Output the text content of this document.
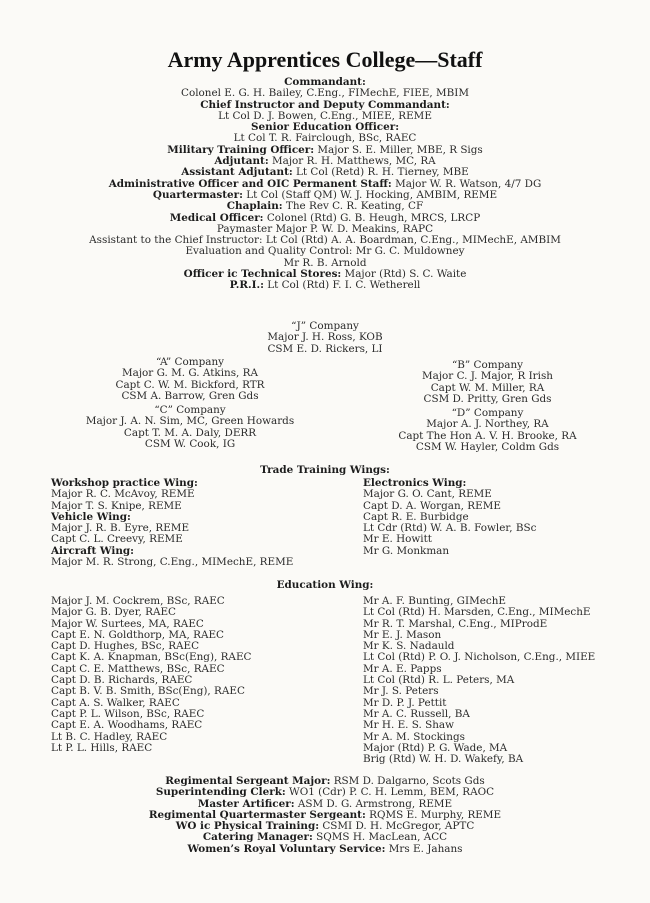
Army Apprentices College—Staff
Commandant:
Colonel E. G. H. Bailey, C.Eng., FIMechE, FIEE, MBIM
Chief Instructor and Deputy Commandant:
Lt Col D. J. Bowen, C.Eng., MIEE, REME
Senior Education Officer:
Lt Col T. R. Fairclough, BSc, RAEC
Military Training Officer: Major S. E. Miller, MBE, R Sigs
Adjutant: Major R. H. Matthews, MC, RA
Assistant Adjutant: Lt Col (Retd) R. H. Tierney, MBE
Administrative Officer and OIC Permanent Staff: Major W. R. Watson, 4/7 DG
Quartermaster: Lt Col (Staff QM) W. J. Hocking, AMBIM, REME
Chaplain: The Rev C. R. Keating, CF
Medical Officer: Colonel (Rtd) G. B. Heugh, MRCS, LRCP
Paymaster Major P. W. D. Meakins, RAPC
Assistant to the Chief Instructor: Lt Col (Rtd) A. A. Boardman, C.Eng., MIMechE, AMBIM
Evaluation and Quality Control: Mr G. C. Muldowney
Mr R. B. Arnold
Officer ic Technical Stores: Major (Rtd) S. C. Waite
P.R.I.: Lt Col (Rtd) F. I. C. Wetherell
“J” Company
Major J. H. Ross, KOB
CSM E. D. Rickers, LI
“A” Company
Major G. M. G. Atkins, RA
Capt C. W. M. Bickford, RTR
CSM A. Barrow, Gren Gds
“C” Company
Major J. A. N. Sim, MC, Green Howards
Capt T. M. A. Daly, DERR
CSM W. Cook, IG
“B” Company
Major C. J. Major, R Irish
Capt W. M. Miller, RA
CSM D. Pritty, Gren Gds
“D” Company
Major A. J. Northey, RA
Capt The Hon A. V. H. Brooke, RA
CSM W. Hayler, Coldm Gds
Trade Training Wings:
Workshop practice Wing:
Major R. C. McAvoy, REME
Major T. S. Knipe, REME
Vehicle Wing:
Major J. R. B. Eyre, REME
Capt C. L. Creevy, REME
Aircraft Wing:
Major M. R. Strong, C.Eng., MIMechE, REME
Electronics Wing:
Major G. O. Cant, REME
Capt D. A. Worgan, REME
Capt R. E. Burbidge
Lt Cdr (Rtd) W. A. B. Fowler, BSc
Mr E. Howitt
Mr G. Monkman
Education Wing:
Major J. M. Cockrem, BSc, RAEC
Major G. B. Dyer, RAEC
Major W. Surtees, MA, RAEC
Capt E. N. Goldthorp, MA, RAEC
Capt D. Hughes, BSc, RAEC
Capt K. A. Knapman, BSc(Eng), RAEC
Capt C. E. Matthews, BSc, RAEC
Capt D. B. Richards, RAEC
Capt B. V. B. Smith, BSc(Eng), RAEC
Capt A. S. Walker, RAEC
Capt P. L. Wilson, BSc, RAEC
Capt E. A. Woodhams, RAEC
Lt B. C. Hadley, RAEC
Lt P. L. Hills, RAEC
Mr A. F. Bunting, GIMechE
Lt Col (Rtd) H. Marsden, C.Eng., MIMechE
Mr R. T. Marshal, C.Eng., MIProdE
Mr E. J. Mason
Mr K. S. Nadauld
Lt Col (Rtd) P. O. J. Nicholson, C.Eng., MIEE
Mr A. E. Papps
Lt Col (Rtd) R. L. Peters, MA
Mr J. S. Peters
Mr D. P. J. Pettit
Mr A. C. Russell, BA
Mr H. E. S. Shaw
Mr A. M. Stockings
Major (Rtd) P. G. Wade, MA
Brig (Rtd) W. H. D. Wakefy, BA
Regimental Sergeant Major: RSM D. Dalgarno, Scots Gds
Superintending Clerk: WO1 (Cdr) P. C. H. Lemm, BEM, RAOC
Master Artificer: ASM D. G. Armstrong, REME
Regimental Quartermaster Sergeant: RQMS E. Murphy, REME
WO ic Physical Training: CSMI D. H. McGregor, APTC
Catering Manager: SQMS H. MacLean, ACC
Women’s Royal Voluntary Service: Mrs E. Jahans
